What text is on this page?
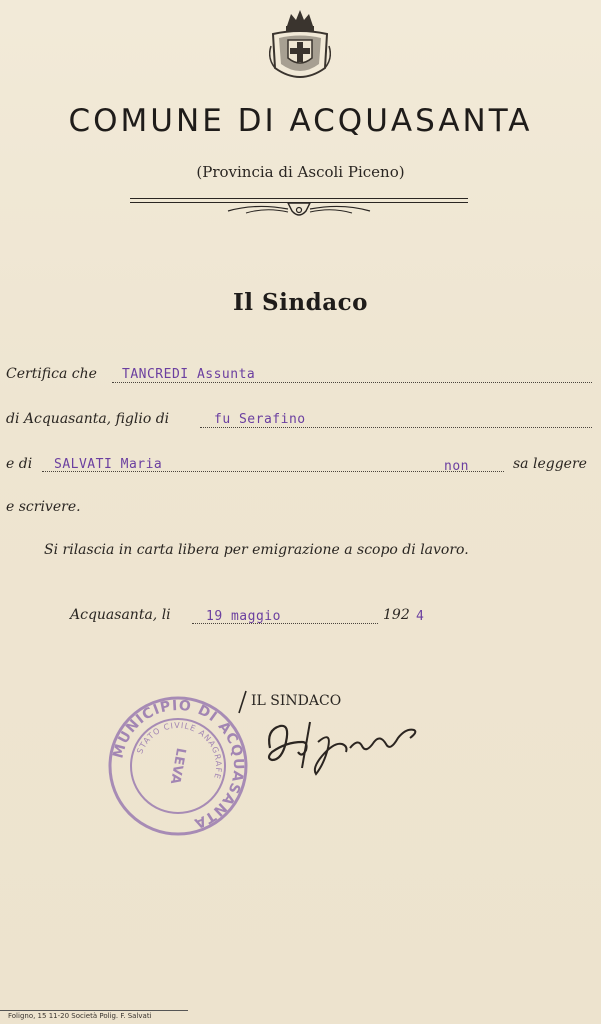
COMUNE DI ACQUASANTA
(Provincia di Ascoli Piceno)
Il Sindaco
Certifica che TANCREDI Assunta
di Acquasanta, figlio di	fu Serafino
e di SALVATI Maria	non	sa leggere
e scrivere.
Si rilascia in carta libera per emigrazione a scopo di lavoro.
Acquasanta, li	19 maggio	192 4
IL SINDACO
MUNICIPIO DI ACQUASANTA
STATO CIVILE ANAGRAFE
LEVA
Foligno, 15 11-20 Società Polig. F. Salvati
